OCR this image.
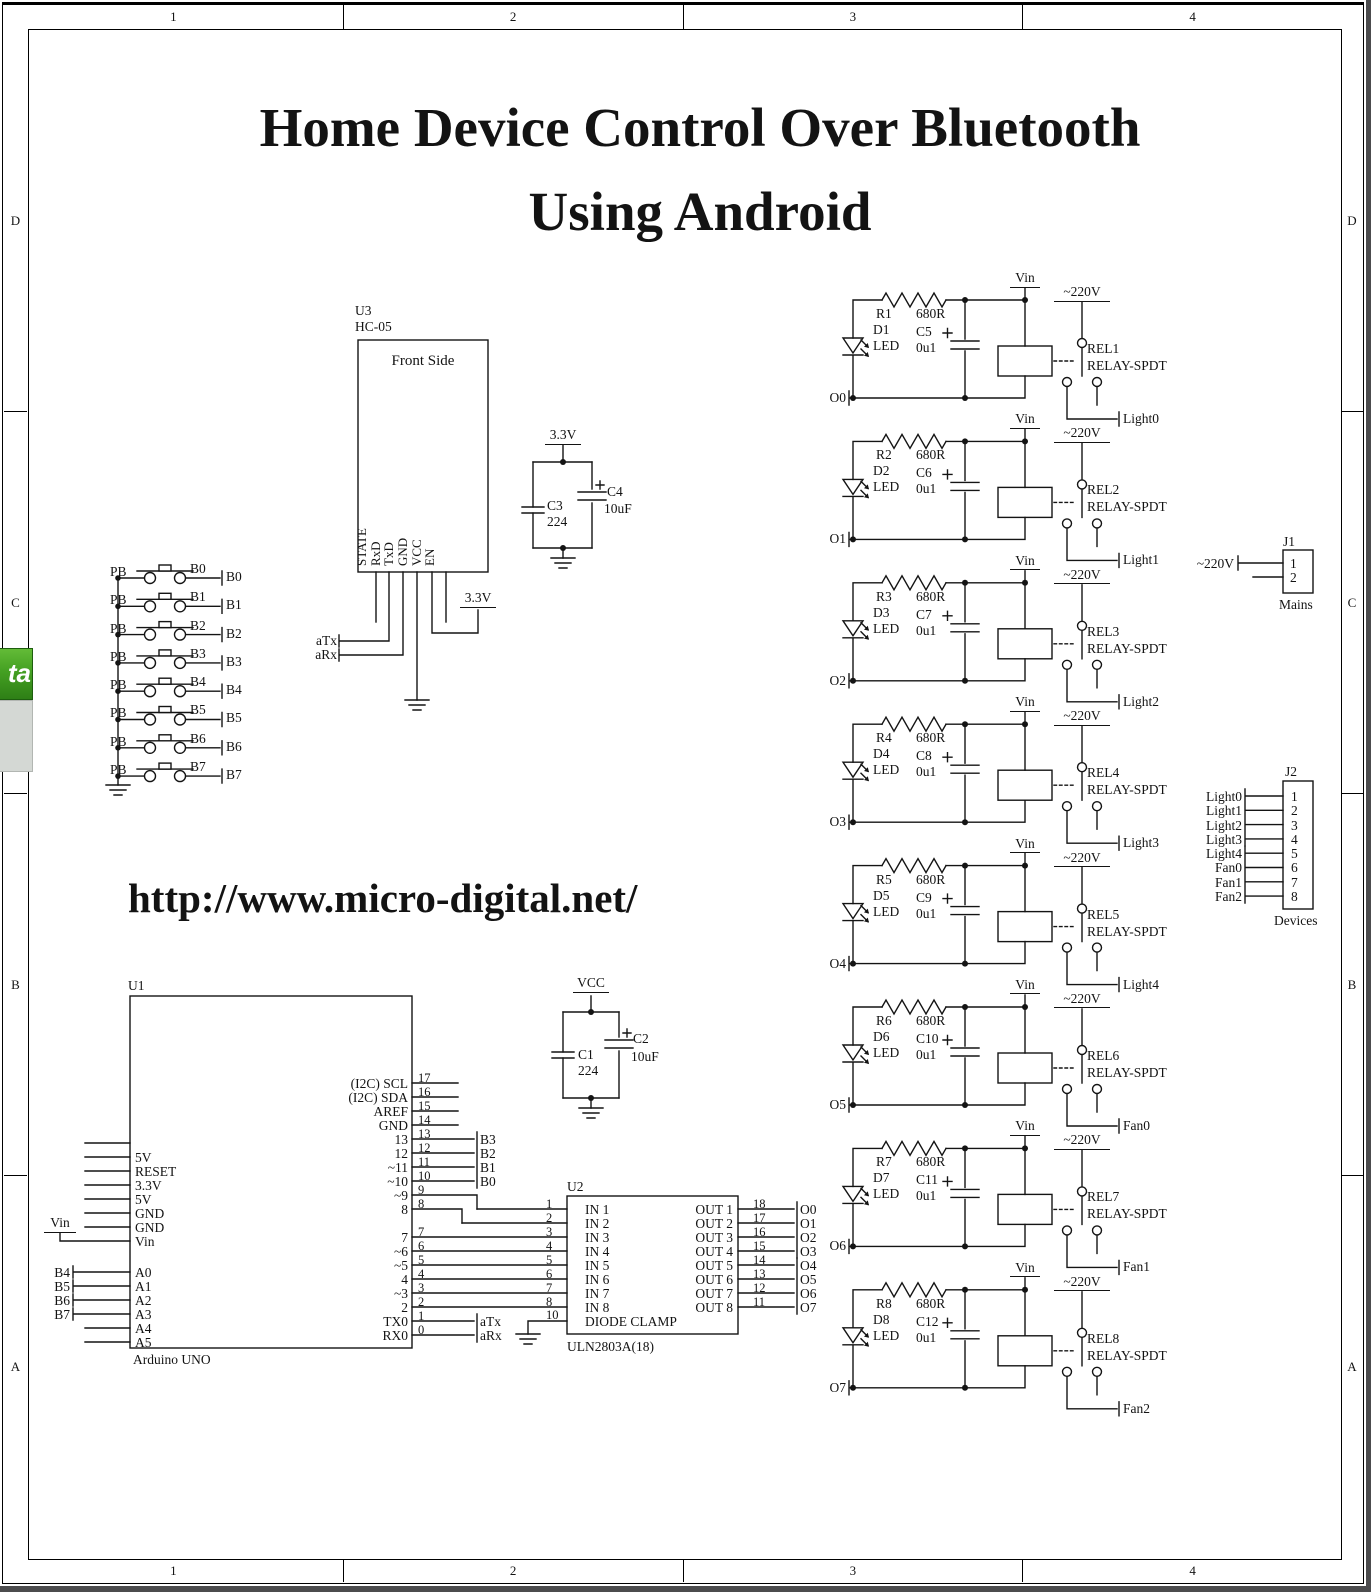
1	2	3	4
1	2	3	4
D
C
B
A
D
C
B
A
Home Device Control Over Bluetooth
Using Android
http://www.micro-digital.net/
U3
HC-05
Front Side
STATE
RxD
TxD
GND
VCC
EN
aTx
aRx
3.3V
3.3V
C3
224
C4
10uF
VCC
C1
224
C2
10uF
PB	B0
B0
PB	B1
B1
PB	B2
B2
PB	B3
B3
PB	B4
B4
PB	B5
B5
PB	B6
B6
PB	B7
B7
U1
Arduino UNO
Vin
5V
RESET
3.3V
5V
GND
GND
Vin
B4	A0
B5	A1
B6	A2
B7	A3
A4
A5
(I2C) SCL 17
(I2C) SDA 16
AREF 15
GND 14
13 13	B3
12 12	B2
~11 11	B1
~10 10	B0
~9 9
8 8
7 7
~6 6
~5 5
4 4
~3 3
2 2
TX0 1	aTx
RX0 0	aRx
U2
ULN2803A(18)
1 IN 1
2 IN 2
3 IN 3
4 IN 4
5 IN 5
6 IN 6
7 IN 7
8 IN 8
10 DIODE CLAMP
OUT 1 18	O0
OUT 2 17	O1
OUT 3 16	O2
OUT 4 15	O3
OUT 5 14	O4
OUT 6 13	O5
OUT 7 12	O6
OUT 8 11	O7
O0
R1 680R
D1
LED
C5
0u1
Vin
~220V
REL1
RELAY-SPDT
Light0
O1
R2 680R
D2
LED
C6
0u1
Vin
~220V
REL2
RELAY-SPDT
Light1
O2
R3 680R
D3
LED
C7
0u1
Vin
~220V
REL3
RELAY-SPDT
Light2
O3
R4 680R
D4
LED
C8
0u1
Vin
~220V
REL4
RELAY-SPDT
Light3
O4
R5 680R
D5
LED
C9
0u1
Vin
~220V
REL5
RELAY-SPDT
Light4
O5
R6 680R
D6
LED
C10
0u1
Vin
~220V
REL6
RELAY-SPDT
Fan0
O6
R7 680R
D7
LED
C11
0u1
Vin
~220V
REL7
RELAY-SPDT
Fan1
O7
R8 680R
D8
LED
C12
0u1
Vin
~220V
REL8
RELAY-SPDT
Fan2
J1
~220V	1
2
Mains
J2
Devices
Light0	1
Light1	2
Light2	3
Light3	4
Light4	5
Fan0	6
Fan1	7
Fan2	8
ta
